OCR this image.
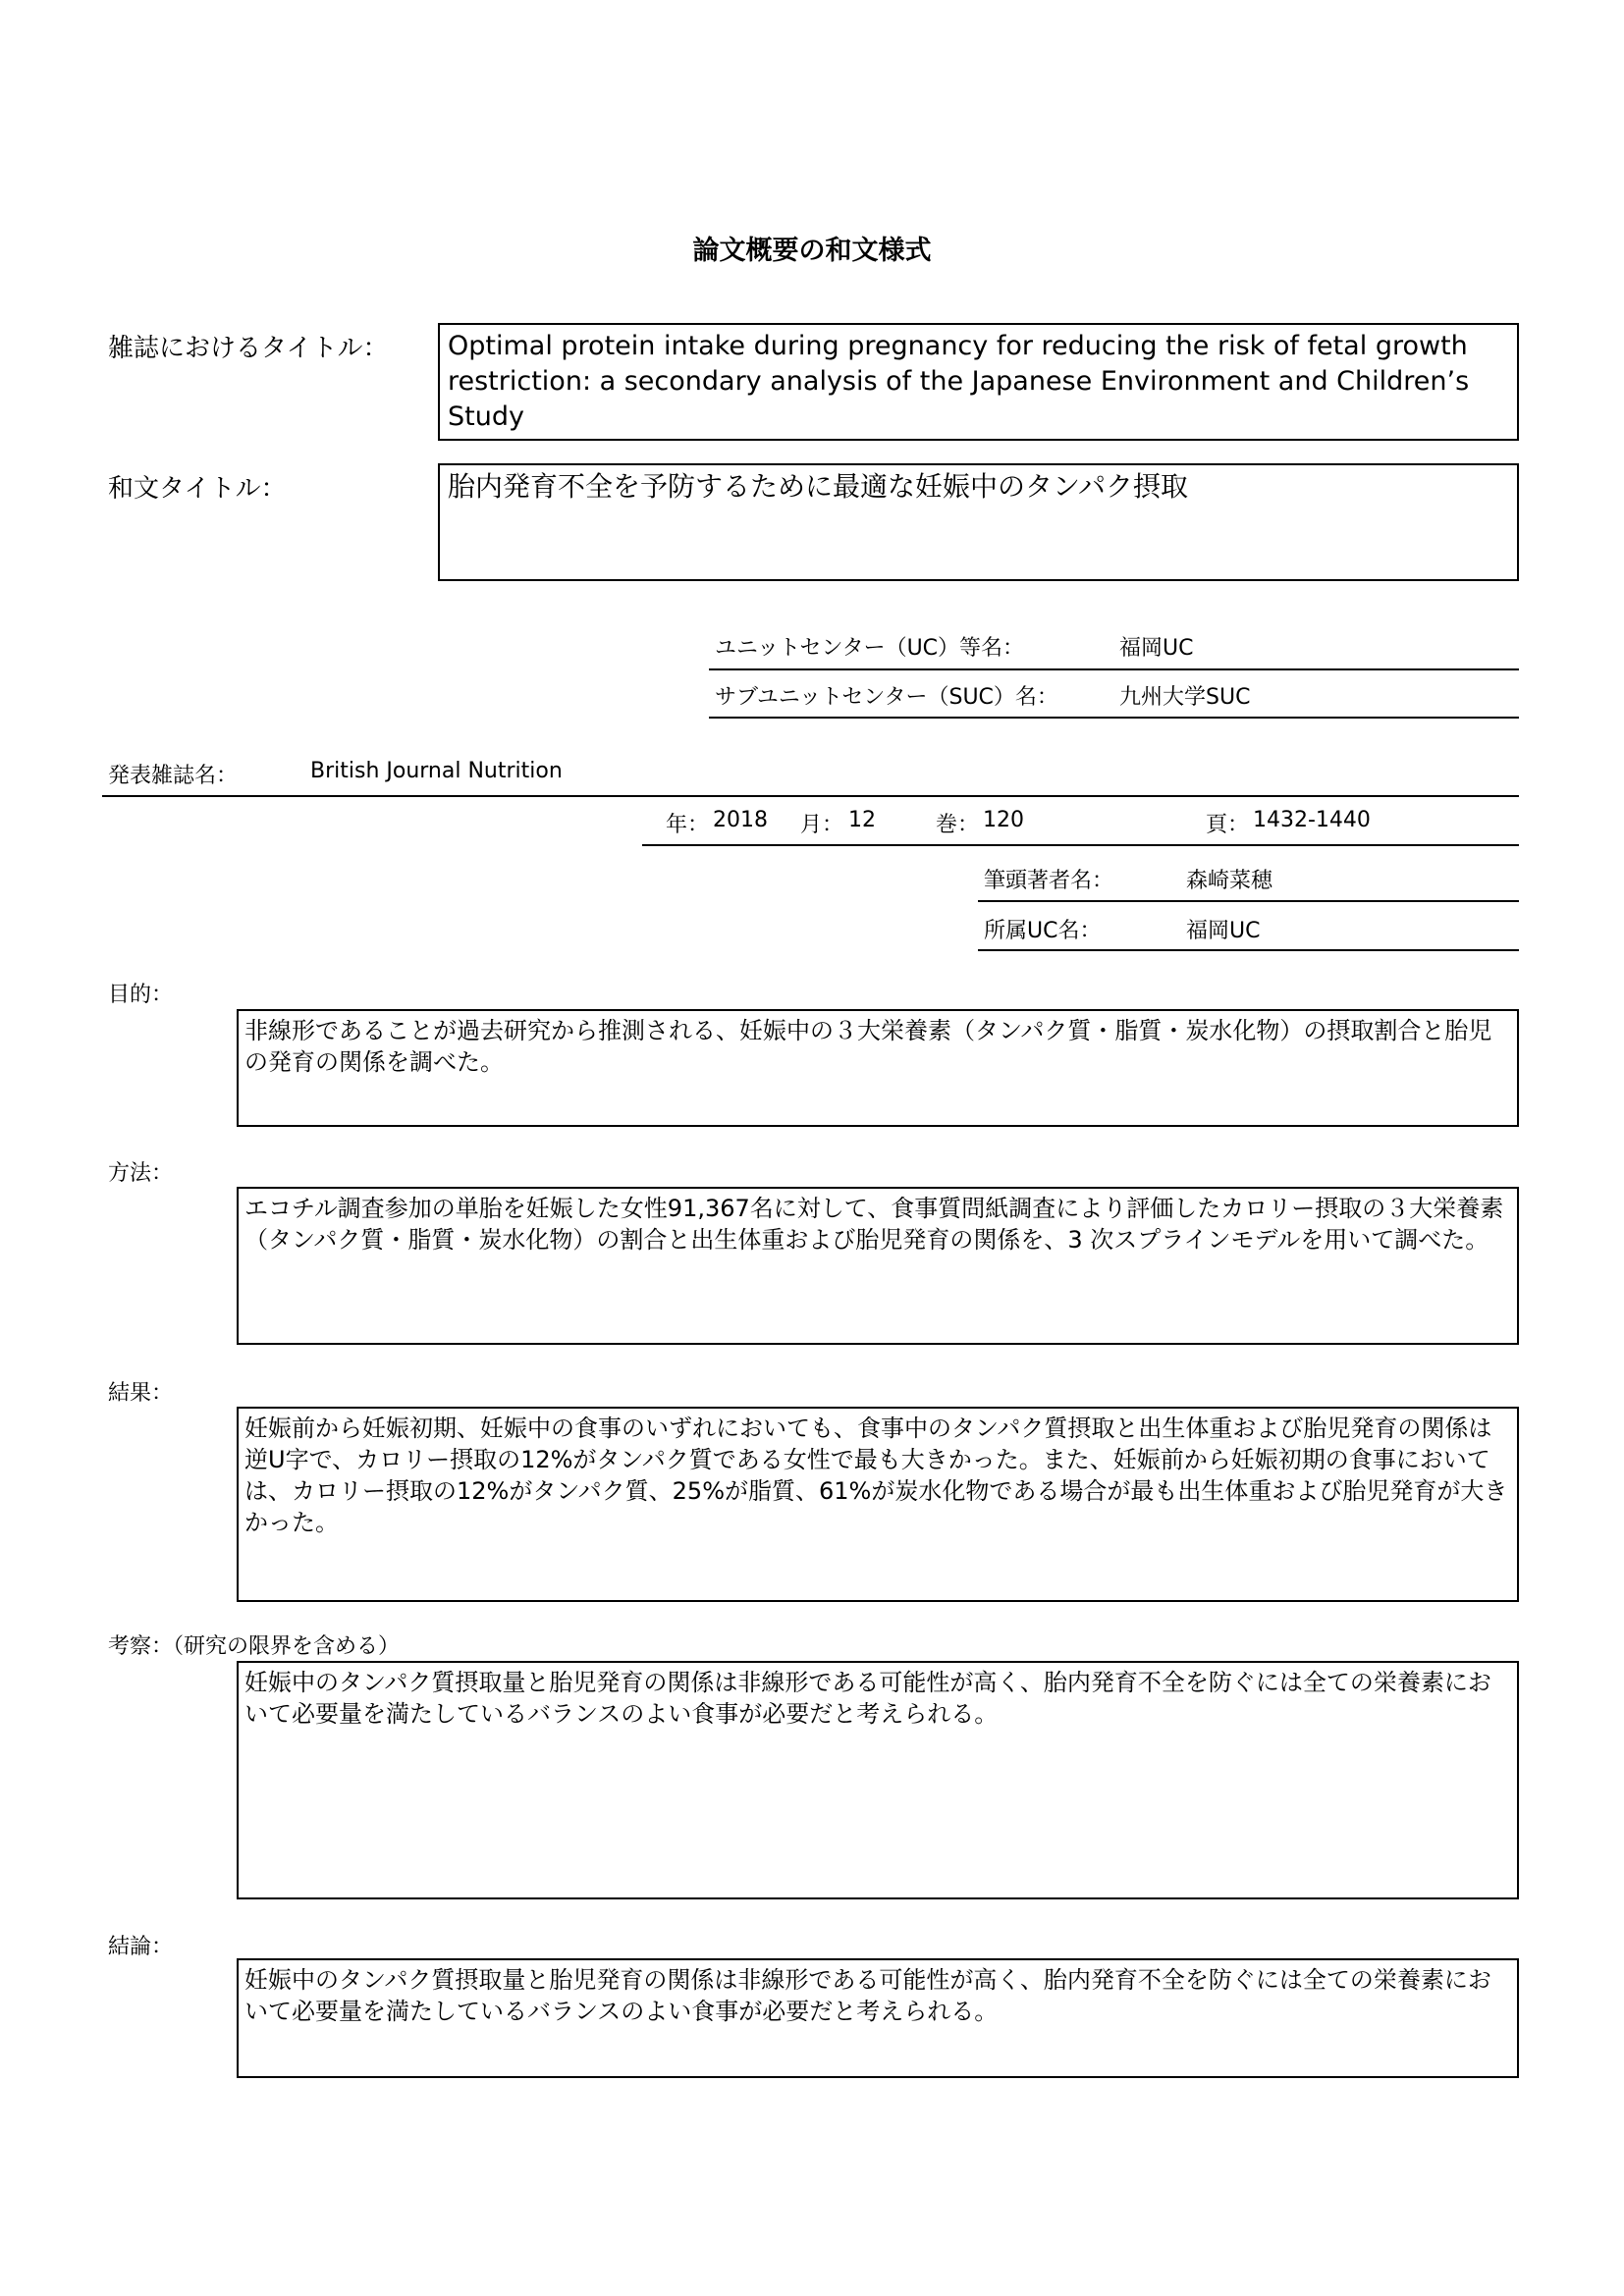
論文概要の和文様式
雑誌におけるタイトル：	Optimal protein intake during pregnancy for reducing the risk of fetal growth restriction: a secondary analysis of the Japanese Environment and Children’s Study
和文タイトル：	胎内発育不全を予防するために最適な妊娠中のタンパク摂取
ユニットセンター（UC）等名：	福岡UC
サブユニットセンター（SUC）名：	九州大学SUC
発表雑誌名：	British Journal Nutrition
年： 2018 月： 12	巻： 120	頁： 1432-1440
筆頭著者名：	森崎菜穂
所属UC名：	福岡UC
目的：
非線形であることが過去研究から推測される、妊娠中の３大栄養素（タンパク質・脂質・炭水化物）の摂取割合と胎児の発育の関係を調べた。
方法：
エコチル調査参加の単胎を妊娠した女性91,367名に対して、食事質問紙調査により評価したカロリー摂取の３大栄養素（タンパク質・脂質・炭水化物）の割合と出生体重および胎児発育の関係を、3 次スプラインモデルを用いて調べた。
結果：
妊娠前から妊娠初期、妊娠中の食事のいずれにおいても、食事中のタンパク質摂取と出生体重および胎児発育の関係は逆U字で、カロリー摂取の12%がタンパク質である女性で最も大きかった。また、妊娠前から妊娠初期の食事においては、カロリー摂取の12%がタンパク質、25%が脂質、61%が炭水化物である場合が最も出生体重および胎児発育が大きかった。
考察：（研究の限界を含める）
妊娠中のタンパク質摂取量と胎児発育の関係は非線形である可能性が高く、胎内発育不全を防ぐには全ての栄養素において必要量を満たしているバランスのよい食事が必要だと考えられる。
結論：
妊娠中のタンパク質摂取量と胎児発育の関係は非線形である可能性が高く、胎内発育不全を防ぐには全ての栄養素において必要量を満たしているバランスのよい食事が必要だと考えられる。
